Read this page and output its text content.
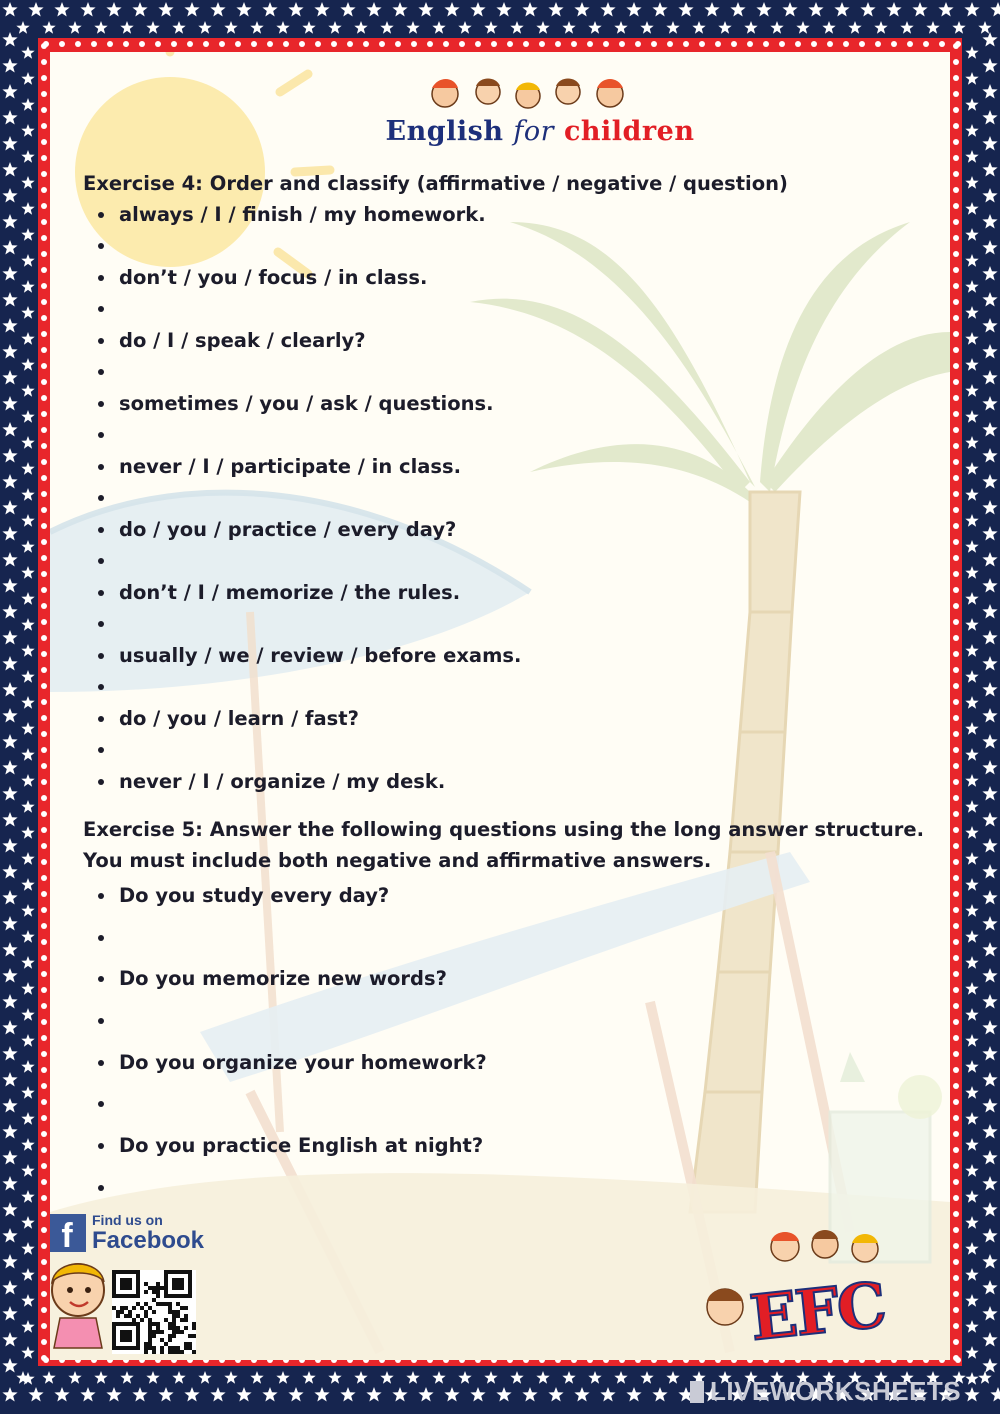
English for children
Exercise 4: Order and classify (affirmative / negative / question)
always / I / finish / my homework.
don’t / you / focus / in class.
do / I / speak / clearly?
sometimes / you / ask / questions.
never / I / participate / in class.
do / you / practice / every day?
don’t / I / memorize / the rules.
usually / we / review / before exams.
do / you / learn / fast?
never / I / organize / my desk.
Exercise 5: Answer the following questions using the long answer structure.
You must include both negative and affirmative answers.
Do you study every day?
Do you memorize new words?
Do you organize your homework?
Do you practice English at night?
f	Find us on
Facebook
EFC
LIVEWORKSHEETS
